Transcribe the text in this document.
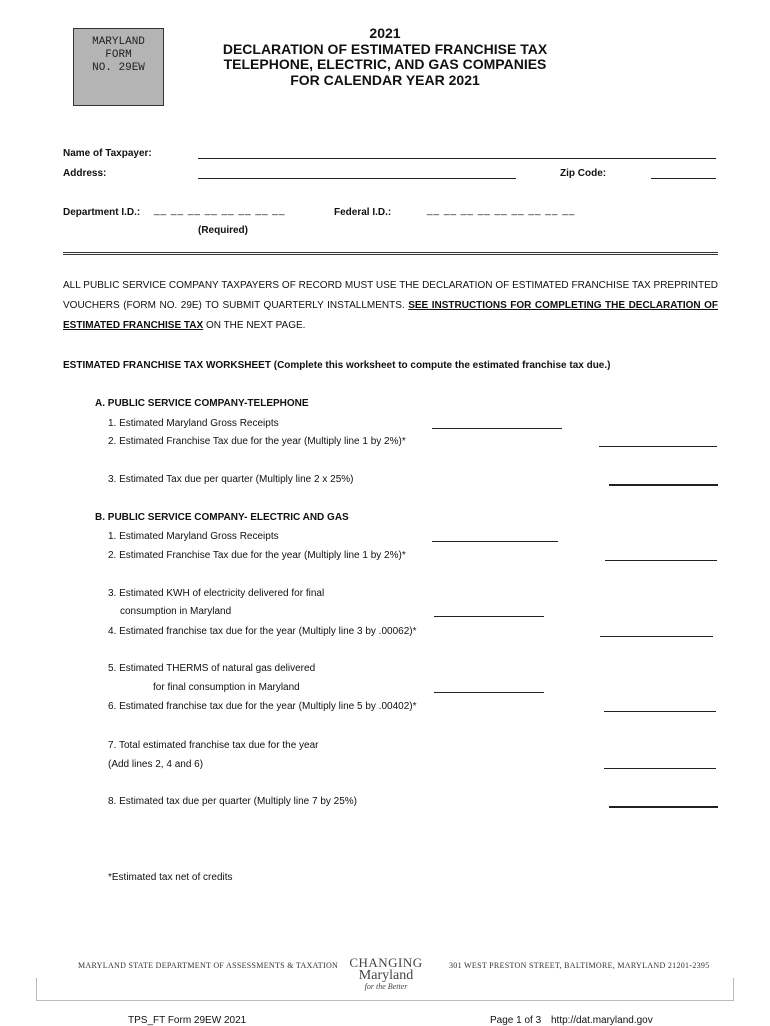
MARYLAND
FORM
NO. 29EW
2021
DECLARATION OF ESTIMATED FRANCHISE TAX
TELEPHONE, ELECTRIC, AND GAS COMPANIES
FOR CALENDAR YEAR 2021
Name of Taxpayer:
Address:	Zip Code:
Department I.D.: __ __ __ __ __ __ __ __	Federal I.D.:	__ __ __ __ __ __ __ __ __
(Required)
ALL PUBLIC SERVICE COMPANY TAXPAYERS OF RECORD MUST USE THE DECLARATION OF ESTIMATED FRANCHISE TAX PREPRINTED VOUCHERS (FORM NO. 29E) TO SUBMIT QUARTERLY INSTALLMENTS. SEE INSTRUCTIONS FOR COMPLETING THE DECLARATION OF ESTIMATED FRANCHISE TAX ON THE NEXT PAGE.
ESTIMATED FRANCHISE TAX WORKSHEET (Complete this worksheet to compute the estimated franchise tax due.)
A. PUBLIC SERVICE COMPANY-TELEPHONE
1. Estimated Maryland Gross Receipts
2. Estimated Franchise Tax due for the year (Multiply line 1 by 2%)*
3. Estimated Tax due per quarter (Multiply line 2 x 25%)
B. PUBLIC SERVICE COMPANY- ELECTRIC AND GAS
1. Estimated Maryland Gross Receipts
2. Estimated Franchise Tax due for the year (Multiply line 1 by 2%)*
3. Estimated KWH of electricity delivered for final
consumption in Maryland
4. Estimated franchise tax due for the year (Multiply line 3 by .00062)*
5. Estimated THERMS of natural gas delivered
for final consumption in Maryland
6. Estimated franchise tax due for the year (Multiply line 5 by .00402)*
7. Total estimated franchise tax due for the year
(Add lines 2, 4 and 6)
8. Estimated tax due per quarter (Multiply line 7 by 25%)
*Estimated tax net of credits
MARYLAND STATE DEPARTMENT OF ASSESSMENTS & TAXATION CHANGING
Maryland
for the Better
301 WEST PRESTON STREET, BALTIMORE, MARYLAND 21201-2395
TPS_FT Form 29EW 2021	Page 1 of 3 http://dat.maryland.gov
